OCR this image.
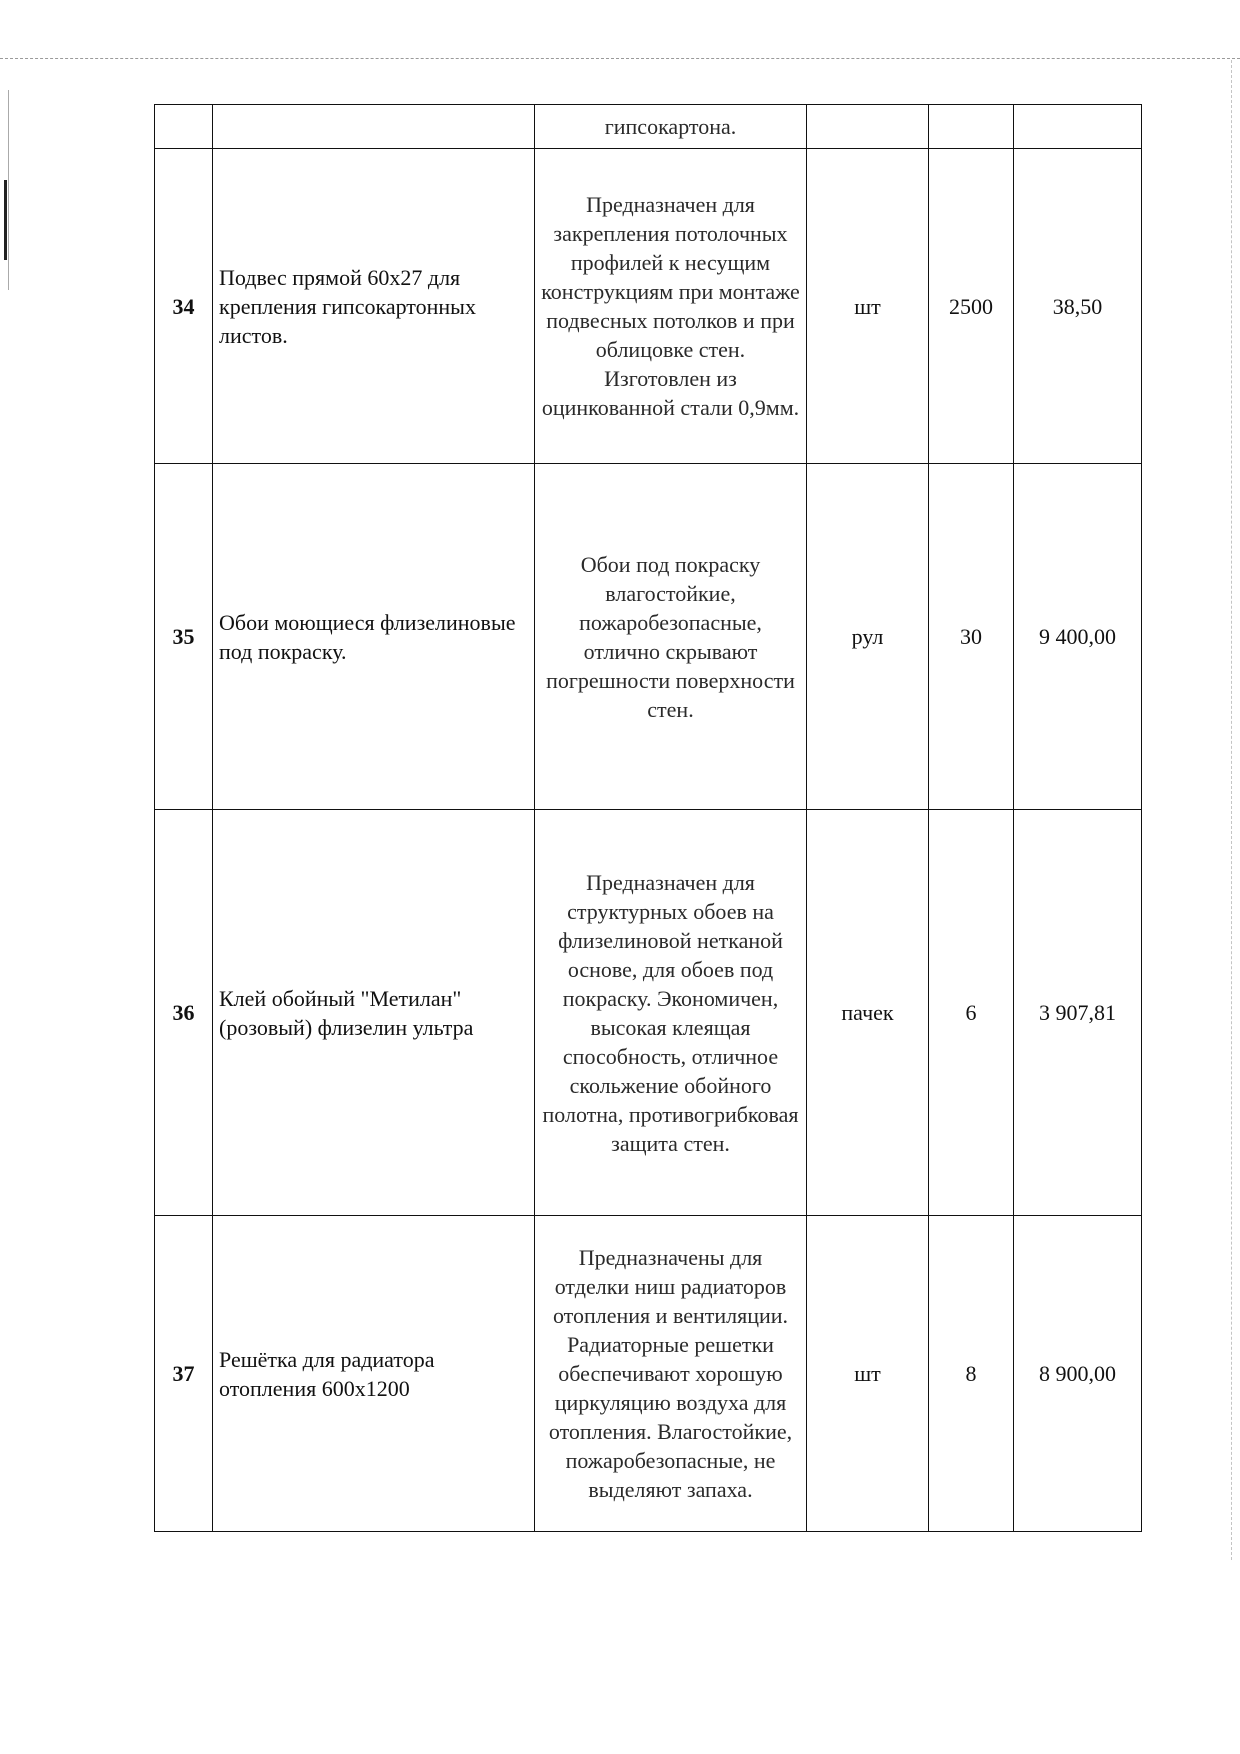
		гипсокартона.			
34	Подвес прямой 60х27 для крепления гипсокартонных листов.	Предназначен для закрепления потолочных профилей к несущим конструкциям при монтаже подвесных потолков и при облицовке стен. Изготовлен из оцинкованной стали 0,9мм.	шт	2500	38,50
35	Обои моющиеся флизелиновые под покраску.	Обои под покраску влагостойкие, пожаробезопасные, отлично скрывают погрешности поверхности стен.	рул	30	9 400,00
36	Клей обойный "Метилан" (розовый) флизелин ультра	Предназначен для структурных обоев на флизелиновой нетканой основе, для обоев под покраску. Экономичен, высокая клеящая способность, отличное скольжение обойного полотна, противогрибковая защита стен.	пачек	6	3 907,81
37	Решётка для радиатора отопления 600х1200	Предназначены для отделки ниш радиаторов отопления и вентиляции. Радиаторные решетки обеспечивают хорошую циркуляцию воздуха для отопления. Влагостойкие, пожаробезопасные, не выделяют запаха.	шт	8	8 900,00
